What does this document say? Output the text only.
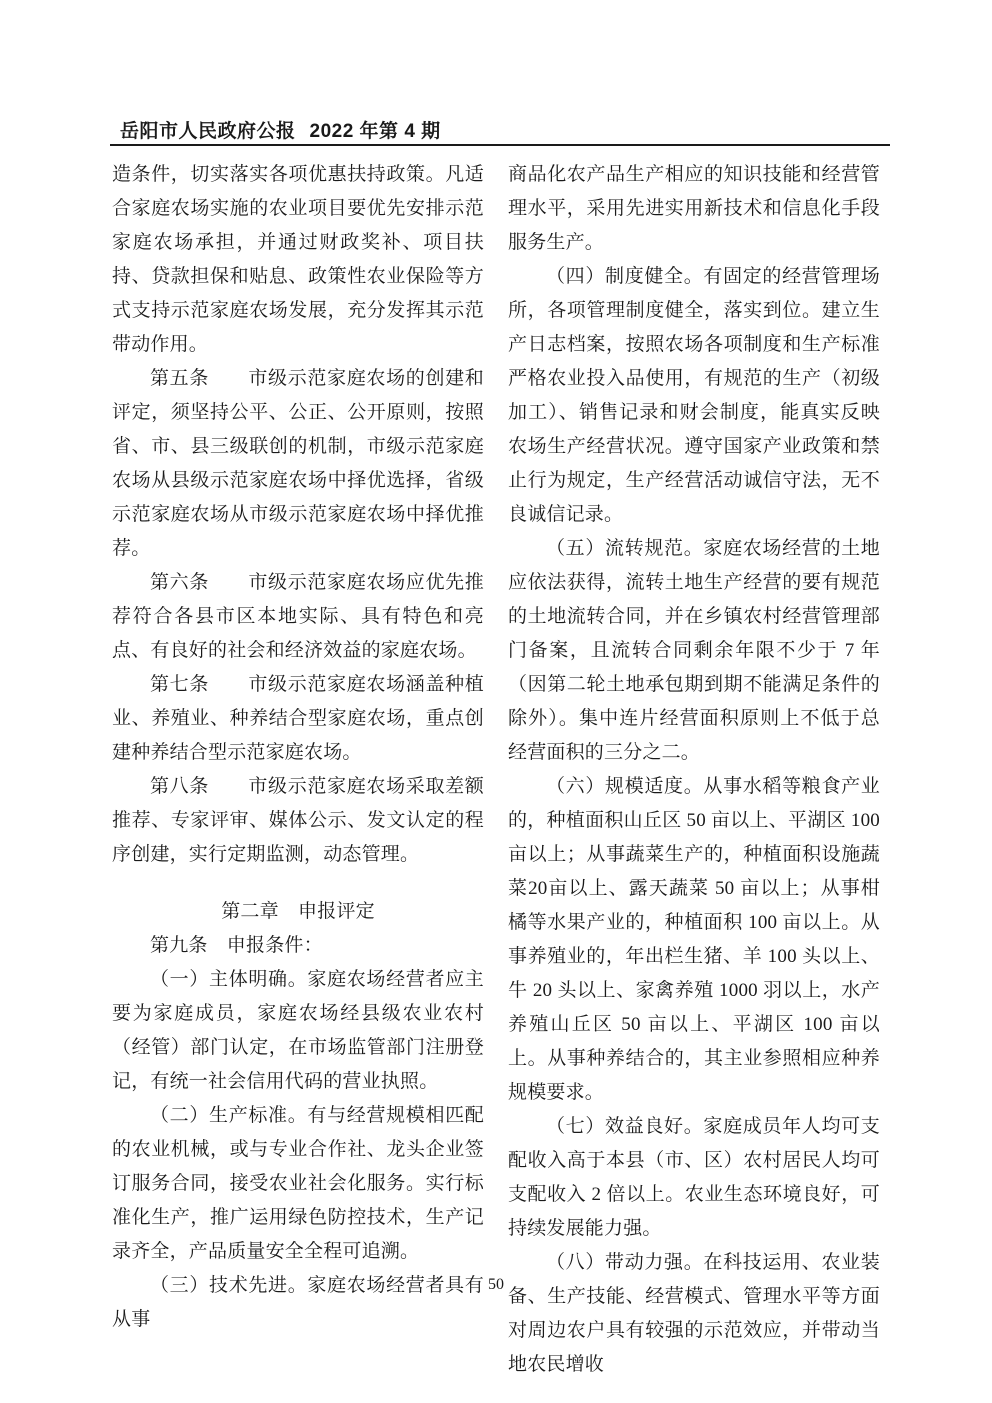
岳阳市人民政府公报 2022 年第 4 期

造条件，切实落实各项优惠扶持政策。凡适合家庭农场实施的农业项目要优先安排示范家庭农场承担，并通过财政奖补、项目扶持、贷款担保和贴息、政策性农业保险等方式支持示范家庭农场发展，充分发挥其示范带动作用。

第五条　　市级示范家庭农场的创建和评定，须坚持公平、公正、公开原则，按照省、市、县三级联创的机制，市级示范家庭农场从县级示范家庭农场中择优选择，省级示范家庭农场从市级示范家庭农场中择优推荐。

第六条　　市级示范家庭农场应优先推荐符合各县市区本地实际、具有特色和亮点、有良好的社会和经济效益的家庭农场。

第七条　　市级示范家庭农场涵盖种植业、养殖业、种养结合型家庭农场，重点创建种养结合型示范家庭农场。

第八条　　市级示范家庭农场采取差额推荐、专家评审、媒体公示、发文认定的程序创建，实行定期监测，动态管理。

第二章　申报评定

第九条　申报条件：

（一）主体明确。家庭农场经营者应主要为家庭成员，家庭农场经县级农业农村（经管）部门认定，在市场监管部门注册登记，有统一社会信用代码的营业执照。

（二）生产标准。有与经营规模相匹配的农业机械，或与专业合作社、龙头企业签订服务合同，接受农业社会化服务。实行标准化生产，推广运用绿色防控技术，生产记录齐全，产品质量安全全程可追溯。

（三）技术先进。家庭农场经营者具有从事

商品化农产品生产相应的知识技能和经营管理水平，采用先进实用新技术和信息化手段服务生产。

（四）制度健全。有固定的经营管理场所，各项管理制度健全，落实到位。建立生产日志档案，按照农场各项制度和生产标准严格农业投入品使用，有规范的生产（初级加工）、销售记录和财会制度，能真实反映农场生产经营状况。遵守国家产业政策和禁止行为规定，生产经营活动诚信守法，无不良诚信记录。

（五）流转规范。家庭农场经营的土地应依法获得，流转土地生产经营的要有规范的土地流转合同，并在乡镇农村经营管理部门备案，且流转合同剩余年限不少于 7 年（因第二轮土地承包期到期不能满足条件的除外）。集中连片经营面积原则上不低于总经营面积的三分之二。

（六）规模适度。从事水稻等粮食产业的，种植面积山丘区 50 亩以上、平湖区 100 亩以上；从事蔬菜生产的，种植面积设施蔬菜20亩以上、露天蔬菜 50 亩以上；从事柑橘等水果产业的，种植面积 100 亩以上。从事养殖业的，年出栏生猪、羊 100 头以上、牛 20 头以上、家禽养殖 1000 羽以上，水产养殖山丘区 50 亩以上、平湖区 100 亩以上。从事种养结合的，其主业参照相应种养规模要求。

（七）效益良好。家庭成员年人均可支配收入高于本县（市、区）农村居民人均可支配收入 2 倍以上。农业生态环境良好，可持续发展能力强。

（八）带动力强。在科技运用、农业装备、生产技能、经营模式、管理水平等方面对周边农户具有较强的示范效应，并带动当地农民增收

50
